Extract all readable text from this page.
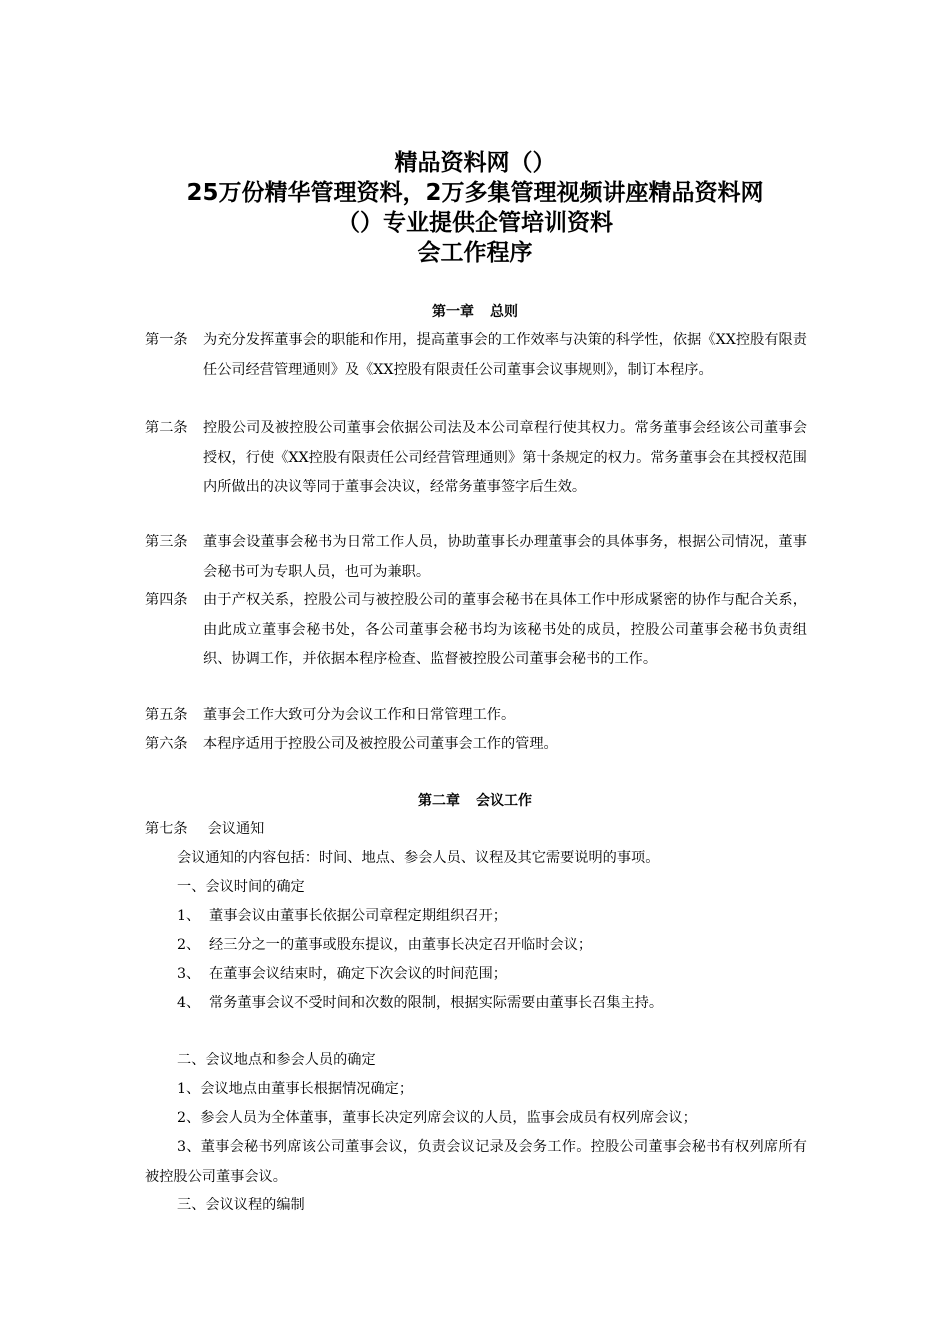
精品资料网（）
25万份精华管理资料，2万多集管理视频讲座精品资料网
（）专业提供企管培训资料
会工作程序
第一章 总则
第一条 为充分发挥董事会的职能和作用，提高董事会的工作效率与决策的科学性，依据《XX控股有限责任公司经营管理通则》及《XX控股有限责任公司董事会议事规则》，制订本程序。
第二条 控股公司及被控股公司董事会依据公司法及本公司章程行使其权力。常务董事会经该公司董事会授权，行使《XX控股有限责任公司经营管理通则》第十条规定的权力。常务董事会在其授权范围内所做出的决议等同于董事会决议，经常务董事签字后生效。
第三条 董事会设董事会秘书为日常工作人员，协助董事长办理董事会的具体事务，根据公司情况，董事会秘书可为专职人员，也可为兼职。
第四条 由于产权关系，控股公司与被控股公司的董事会秘书在具体工作中形成紧密的协作与配合关系，由此成立董事会秘书处，各公司董事会秘书均为该秘书处的成员，控股公司董事会秘书负责组织、协调工作，并依据本程序检查、监督被控股公司董事会秘书的工作。
第五条 董事会工作大致可分为会议工作和日常管理工作。
第六条 本程序适用于控股公司及被控股公司董事会工作的管理。
第二章 会议工作
第七条 会议通知
会议通知的内容包括：时间、地点、参会人员、议程及其它需要说明的事项。
一、会议时间的确定
1、 董事会议由董事长依据公司章程定期组织召开；
2、 经三分之一的董事或股东提议，由董事长决定召开临时会议；
3、 在董事会议结束时，确定下次会议的时间范围；
4、 常务董事会议不受时间和次数的限制，根据实际需要由董事长召集主持。
二、会议地点和参会人员的确定
1、会议地点由董事长根据情况确定；
2、参会人员为全体董事，董事长决定列席会议的人员，监事会成员有权列席会议；
3、董事会秘书列席该公司董事会议，负责会议记录及会务工作。控股公司董事会秘书有权列席所有被控股公司董事会议。
三、会议议程的编制
